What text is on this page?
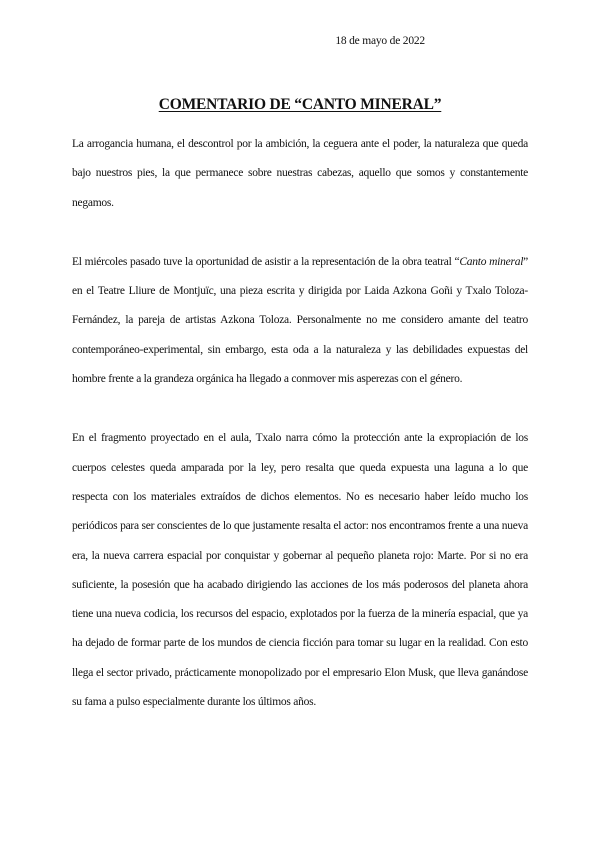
18 de mayo de 2022
COMENTARIO DE “CANTO MINERAL”

La arrogancia humana, el descontrol por la ambición, la ceguera ante el poder, la naturaleza que queda bajo nuestros pies, la que permanece sobre nuestras cabezas, aquello que somos y constantemente negamos.

El miércoles pasado tuve la oportunidad de asistir a la representación de la obra teatral “Canto mineral” en el Teatre Lliure de Montjuïc, una pieza escrita y dirigida por Laida Azkona Goñi y Txalo Toloza-Fernández, la pareja de artistas Azkona Toloza. Personalmente no me considero amante del teatro contemporáneo-experimental, sin embargo, esta oda a la naturaleza y las debilidades expuestas del hombre frente a la grandeza orgánica ha llegado a conmover mis asperezas con el género.

En el fragmento proyectado en el aula, Txalo narra cómo la protección ante la expropiación de los cuerpos celestes queda amparada por la ley, pero resalta que queda expuesta una laguna a lo que respecta con los materiales extraídos de dichos elementos. No es necesario haber leído mucho los periódicos para ser conscientes de lo que justamente resalta el actor: nos encontramos frente a una nueva era, la nueva carrera espacial por conquistar y gobernar al pequeño planeta rojo: Marte. Por si no era suficiente, la posesión que ha acabado dirigiendo las acciones de los más poderosos del planeta ahora tiene una nueva codicia, los recursos del espacio, explotados por la fuerza de la minería espacial, que ya ha dejado de formar parte de los mundos de ciencia ficción para tomar su lugar en la realidad. Con esto llega el sector privado, prácticamente monopolizado por el empresario Elon Musk, que lleva ganándose su fama a pulso especialmente durante los últimos años.
